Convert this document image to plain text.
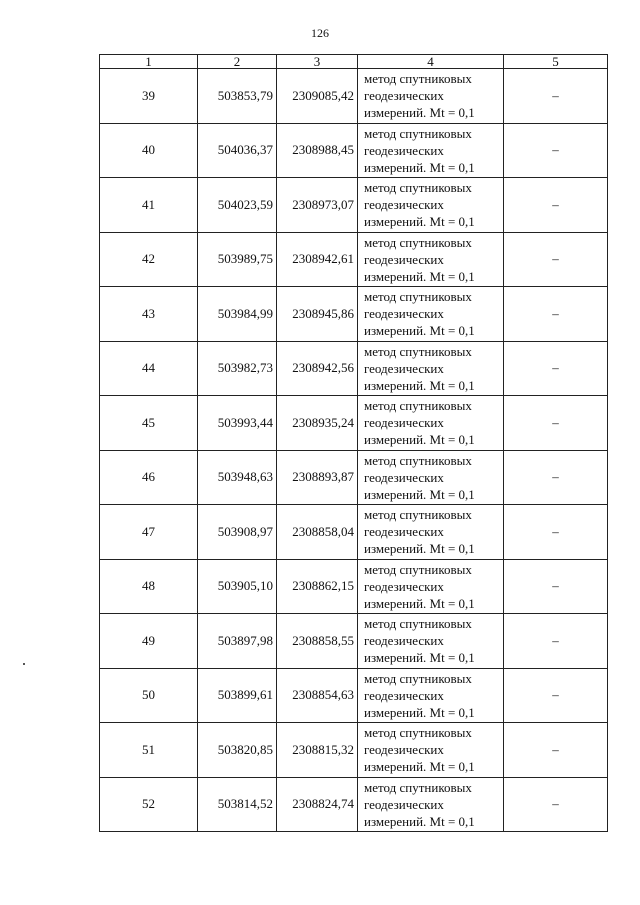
126
1	2	3	4	5
39	503853,79	2309085,42	метод спутниковых
геодезических
измерений. Mt = 0,1	–
40	504036,37	2308988,45	метод спутниковых
геодезических
измерений. Mt = 0,1	–
41	504023,59	2308973,07	метод спутниковых
геодезических
измерений. Mt = 0,1	–
42	503989,75	2308942,61	метод спутниковых
геодезических
измерений. Mt = 0,1	–
43	503984,99	2308945,86	метод спутниковых
геодезических
измерений. Mt = 0,1	–
44	503982,73	2308942,56	метод спутниковых
геодезических
измерений. Mt = 0,1	–
45	503993,44	2308935,24	метод спутниковых
геодезических
измерений. Mt = 0,1	–
46	503948,63	2308893,87	метод спутниковых
геодезических
измерений. Mt = 0,1	–
47	503908,97	2308858,04	метод спутниковых
геодезических
измерений. Mt = 0,1	–
48	503905,10	2308862,15	метод спутниковых
геодезических
измерений. Mt = 0,1	–
49	503897,98	2308858,55	метод спутниковых
геодезических
измерений. Mt = 0,1	–
50	503899,61	2308854,63	метод спутниковых
геодезических
измерений. Mt = 0,1	–
51	503820,85	2308815,32	метод спутниковых
геодезических
измерений. Mt = 0,1	–
52	503814,52	2308824,74	метод спутниковых
геодезических
измерений. Mt = 0,1	–
